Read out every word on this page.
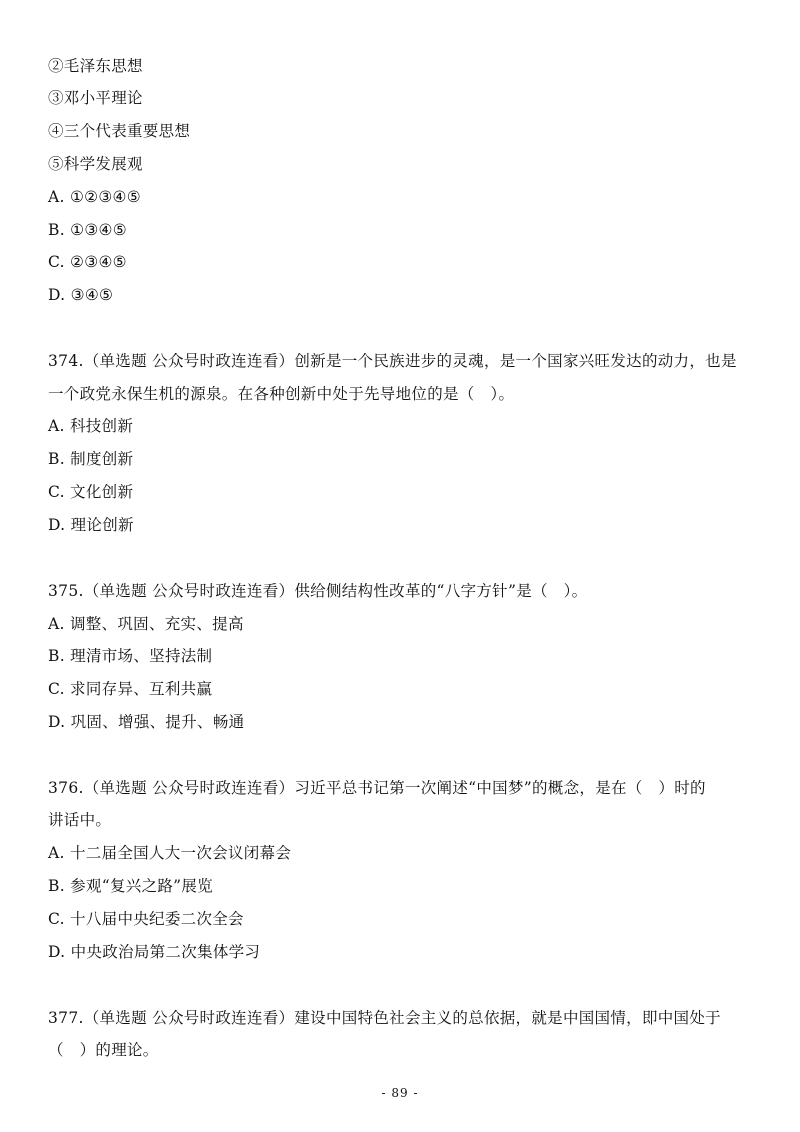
②毛泽东思想
③邓小平理论
④三个代表重要思想
⑤科学发展观
A. ①②③④⑤
B. ①③④⑤
C. ②③④⑤
D. ③④⑤
374.（单选题 公众号时政连连看）创新是一个民族进步的灵魂，是一个国家兴旺发达的动力，也是
一个政党永保生机的源泉。在各种创新中处于先导地位的是（　）。
A. 科技创新
B. 制度创新
C. 文化创新
D. 理论创新
375.（单选题 公众号时政连连看）供给侧结构性改革的“八字方针”是（　）。
A. 调整、巩固、充实、提高
B. 理清市场、坚持法制
C. 求同存异、互利共赢
D. 巩固、增强、提升、畅通
376.（单选题 公众号时政连连看）习近平总书记第一次阐述“中国梦”的概念，是在（　）时的
讲话中。
A. 十二届全国人大一次会议闭幕会
B. 参观“复兴之路”展览
C. 十八届中央纪委二次全会
D. 中央政治局第二次集体学习
377.（单选题 公众号时政连连看）建设中国特色社会主义的总依据，就是中国国情，即中国处于
（　）的理论。
- 89 -
